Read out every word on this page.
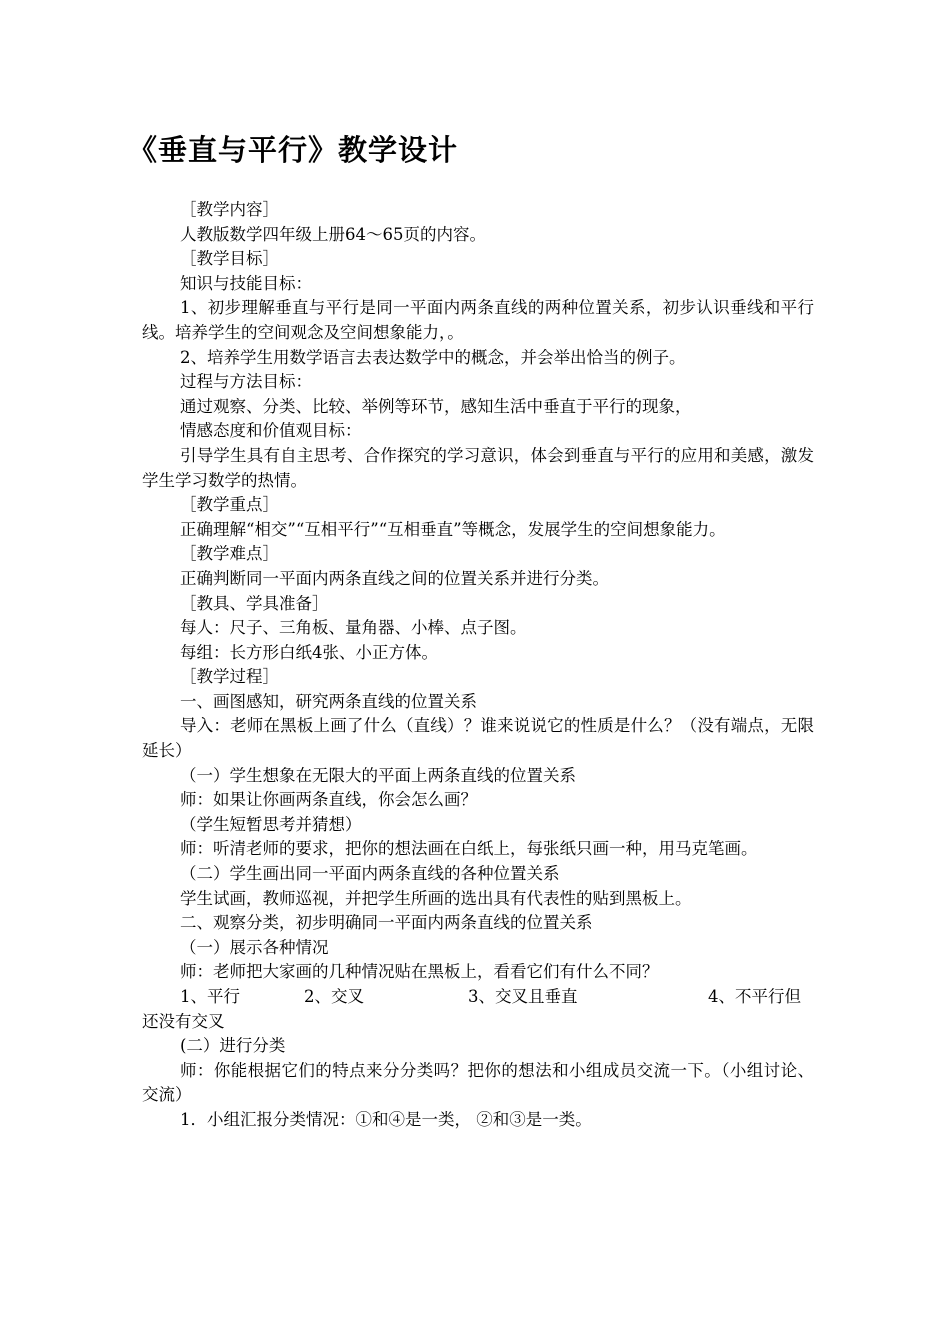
《垂直与平行》教学设计

［教学内容］

人教版数学四年级上册64～65页的内容。

［教学目标］

知识与技能目标：

1、初步理解垂直与平行是同一平面内两条直线的两种位置关系，初步认识垂线和平行线。培养学生的空间观念及空间想象能力，。

2、培养学生用数学语言去表达数学中的概念，并会举出恰当的例子。

过程与方法目标：

通过观察、分类、比较、举例等环节，感知生活中垂直于平行的现象，

情感态度和价值观目标：

引导学生具有自主思考、合作探究的学习意识，体会到垂直与平行的应用和美感，激发学生学习数学的热情。

［教学重点］

正确理解“相交”“互相平行”“互相垂直”等概念，发展学生的空间想象能力。

［教学难点］

正确判断同一平面内两条直线之间的位置关系并进行分类。

［教具、学具准备］

每人：尺子、三角板、量角器、小棒、点子图。

每组：长方形白纸4张、小正方体。

［教学过程］

一、画图感知，研究两条直线的位置关系

导入：老师在黑板上画了什么（直线）？谁来说说它的性质是什么？（没有端点，无限延长）

（一）学生想象在无限大的平面上两条直线的位置关系

师：如果让你画两条直线，你会怎么画？

（学生短暂思考并猜想）

师：听清老师的要求，把你的想法画在白纸上，每张纸只画一种，用马克笔画。

（二）学生画出同一平面内两条直线的各种位置关系

学生试画，教师巡视，并把学生所画的选出具有代表性的贴到黑板上。

二、观察分类，初步明确同一平面内两条直线的位置关系

（一）展示各种情况

师：老师把大家画的几种情况贴在黑板上，看看它们有什么不同？

1、平行	2、交叉	3、交叉且垂直	4、不平行但

还没有交叉

(二）进行分类

师：你能根据它们的特点来分分类吗？把你的想法和小组成员交流一下。（小组讨论、交流）

1．小组汇报分类情况：①和④是一类， ②和③是一类。
